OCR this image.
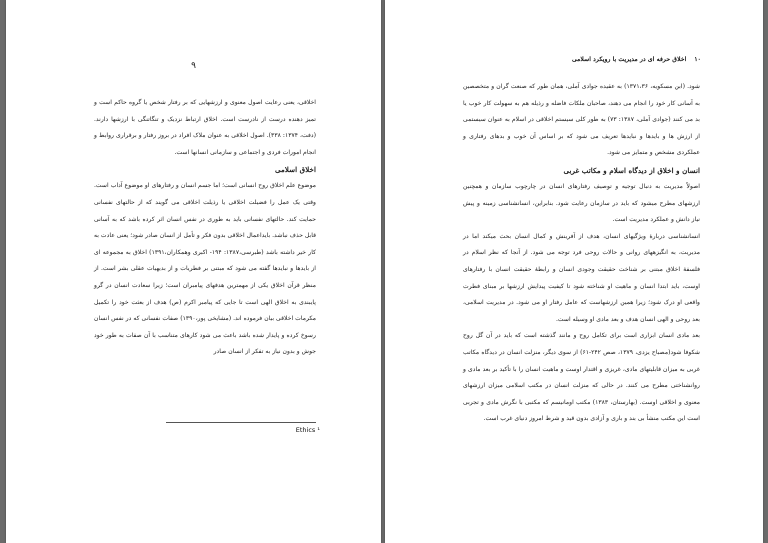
۹

اخلاقی، یعنی رعایت اصول معنوی و ارزشهایی که بر رفتار شخص یا گروه حاکم است و تمیز دهنده درست از نادرست است. اخلاق ارتباط نزدیک و تنگاتنگی با ارزشها دارند. (دفت، ۱۳۷۴: ۳۳۸). اصول اخلاقی به عنوان ملاک افراد در بروز رفتار و برقراری روابط و انجام امورات فردی و اجتماعی و سازمانی انسانها است.

اخلاق اسلامی

موضوع علم اخلاق روح انسانی است؛ اما جسم انسان و رفتارهای او موضوع آداب است. وقتی یک عمل را فضیلت اخلاقی یا رذیلت اخلاقی می گویند که از حالتهای نفسانی حمایت کند. حالتهای نفسانی باید به طوری در نفس انسان اثر کرده باشد که به آسانی قابل حذف نباشد. بایداعمال اخلاقی بدون فکر و تأمل از انسان صادر شود؛ یعنی عادت به کار خیر داشته باشد (طبرسی،۱۳۸۷: ۱۹۴- اکبری وهمکاران،۱۳۹۱) اخلاق به مجموعه ای از بایدها و نبایدها گفته می شود که مبتنی بر فطریات و از بدیهیات عقلی بشر است. از منظر قرآن اخلاق یکی از مهمترین هدفهای پیامبران است؛ زیرا سعادت انسان در گرو پایبندی به اخلاق الهی است تا جایی که پیامبر اکرم (ص) هدف از بعثت خود را تکمیل مکرمات اخلاقی بیان فرموده اند. (مشایخی پور،۱۳۹۰) صفات نفسانی که در نفس انسان رسوخ کرده و پایدار شده باشد باعث می شود کارهای متناسب با آن صفات به طور خود جوش و بدون نیاز به تفکر از انسان صادر

Ethics ¹
۱۰
اخلاق حرفه ای در مدیریت با رویکرد اسلامی

شود. (ابن مسکویه، ۱۳۷۱،۳۶) به عقیده جوادی آملی، همان طور که صنعت گران و متخصصین به آسانی کار خود را انجام می دهند، صاحبان ملکات فاضله و رذیله هم به سهولت کار خوب یا بد می کنند (جوادی آملی، ۱۳۸۷: ۷۳) به طور کلی سیستم اخلاقی در اسلام به عنوان سیستمی از ارزش ها و بایدها و نبایدها تعریف می شود که بر اساس آن خوب و بدهای رفتاری و عملکردی مشخص و متمایز می شود.

انسان و اخلاق از دیدگاه اسلام و مکاتب غربی

اصولاً مدیریت به دنبال توجیه و توصیف رفتارهای انسان در چارچوب سازمان و همچنین ارزشهای مطرح میشود که باید در سازمان رعایت شود. بنابراین، انسانشناسی زمینه و پیش نیاز دانش و عملکرد مدیریت است.

انسانشناسی دربارهٔ ویژگیهای انسان، هدف از آفرینش و کمال انسان بحث میکند اما در مدیریت، به انگیزههای روانی و حالات روحی فرد توجه می شود. از آنجا که نظر اسلام در فلسفهٔ اخلاق مبتنی بر شناخت حقیقت وجودی انسان و رابطهٔ حقیقت انسان با رفتارهای اوست، باید ابتدا انسان و ماهیت او شناخته شود تا کیفیت پیدایش ارزشها بر مبنای فطرت واقعی او درک شود؛ زیرا همین ارزشهاست که عامل رفتار او می شود. در مدیریت اسلامی، بعد روحی و الهی انسان هدف و بعد مادی او وسیله است.

بعد مادی انسان ابزاری است برای تکامل روح و مانند گذشته است که باید در آن گل روح شکوفا شود(مصباح یزدی، ۱۳۷۹، صص ۲۴۲-۶۱) از سوی دیگر، منزلت انسان در دیدگاه مکاتب غربی به میزان قابلیتهای مادی، غریزی و اقتدار اوست و ماهیت انسان را با تأکید بر بعد مادی و روانشناختی مطرح می کنند. در حالی که منزلت انسان در مکتب اسلامی میزان ارزشهای معنوی و اخلاقی اوست. (بهارستان، ۱۳۸۳) مکتب اومانیسم که مکتبی با نگرش مادی و تجربی است این مکتب منشأ بی بند و باری و آزادی بدون قید و شرط امروز دنیای غرب است.
